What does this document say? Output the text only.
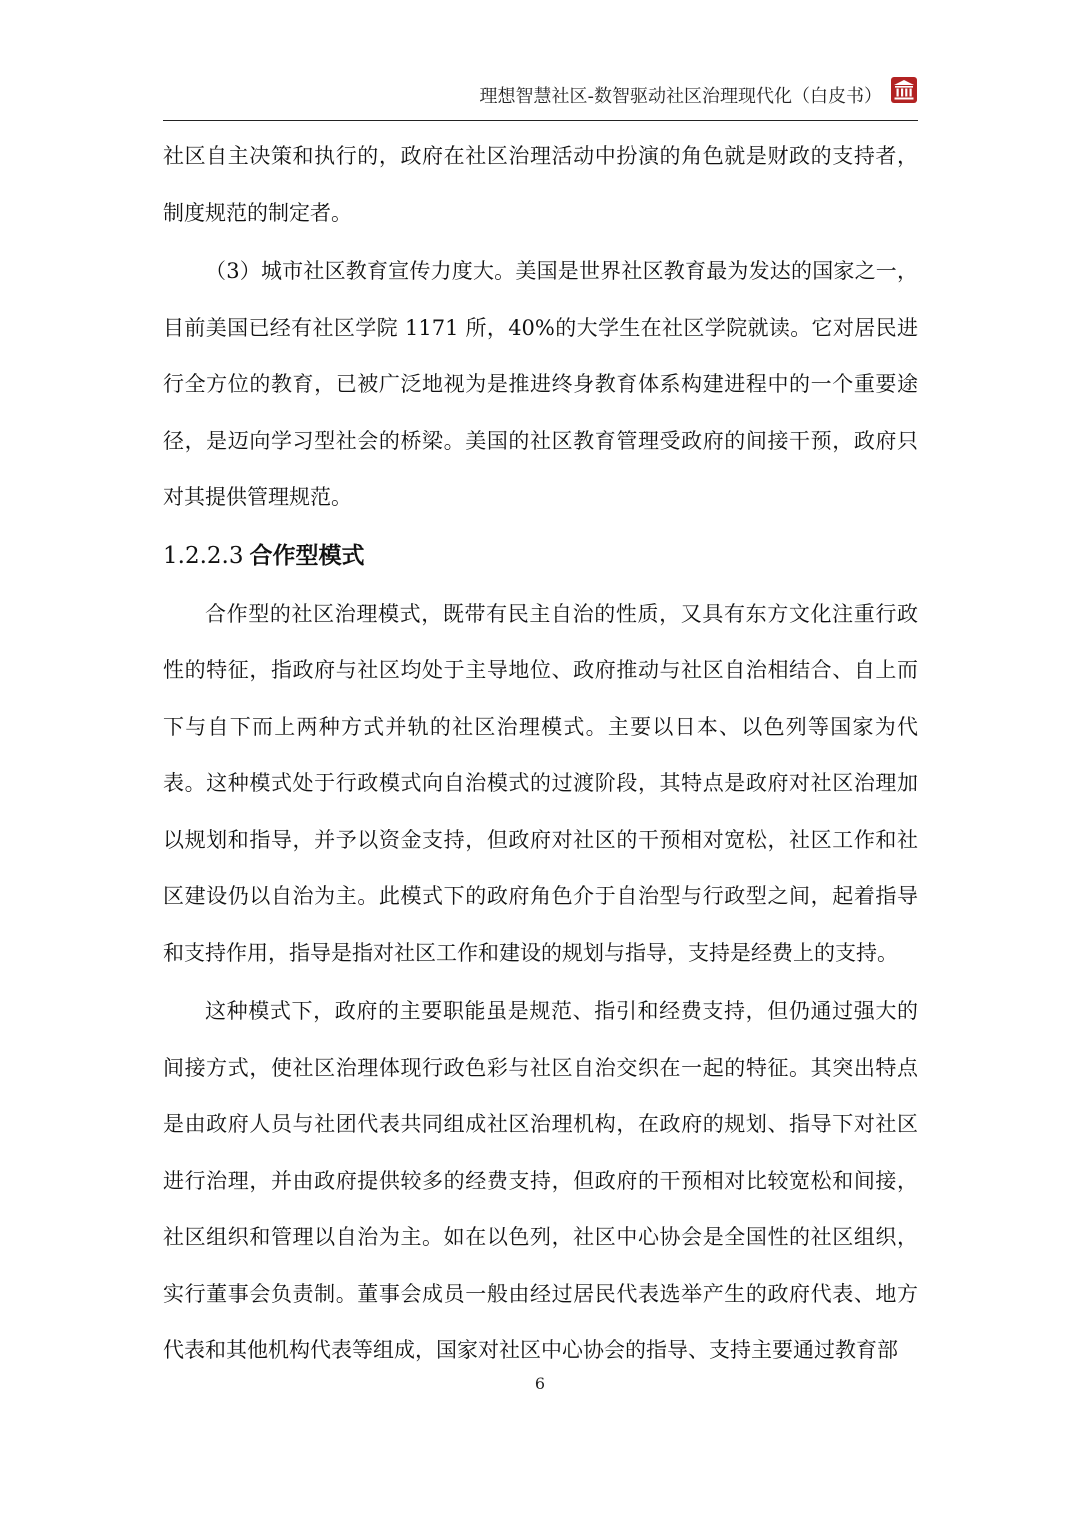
理想智慧社区-数智驱动社区治理现代化（白皮书）

社区自主决策和执行的，政府在社区治理活动中扮演的角色就是财政的支持者，制度规范的制定者。

（3）城市社区教育宣传力度大。美国是世界社区教育最为发达的国家之一，目前美国已经有社区学院 1171 所，40%的大学生在社区学院就读。它对居民进行全方位的教育，已被广泛地视为是推进终身教育体系构建进程中的一个重要途径，是迈向学习型社会的桥梁。美国的社区教育管理受政府的间接干预，政府只对其提供管理规范。

1.2.2.3 合作型模式

合作型的社区治理模式，既带有民主自治的性质，又具有东方文化注重行政性的特征，指政府与社区均处于主导地位、政府推动与社区自治相结合、自上而下与自下而上两种方式并轨的社区治理模式。主要以日本、以色列等国家为代表。这种模式处于行政模式向自治模式的过渡阶段，其特点是政府对社区治理加以规划和指导，并予以资金支持，但政府对社区的干预相对宽松，社区工作和社区建设仍以自治为主。此模式下的政府角色介于自治型与行政型之间，起着指导和支持作用，指导是指对社区工作和建设的规划与指导，支持是经费上的支持。

这种模式下，政府的主要职能虽是规范、指引和经费支持，但仍通过强大的间接方式，使社区治理体现行政色彩与社区自治交织在一起的特征。其突出特点是由政府人员与社团代表共同组成社区治理机构，在政府的规划、指导下对社区进行治理，并由政府提供较多的经费支持，但政府的干预相对比较宽松和间接，社区组织和管理以自治为主。如在以色列，社区中心协会是全国性的社区组织，实行董事会负责制。董事会成员一般由经过居民代表选举产生的政府代表、地方代表和其他机构代表等组成，国家对社区中心协会的指导、支持主要通过教育部

6
